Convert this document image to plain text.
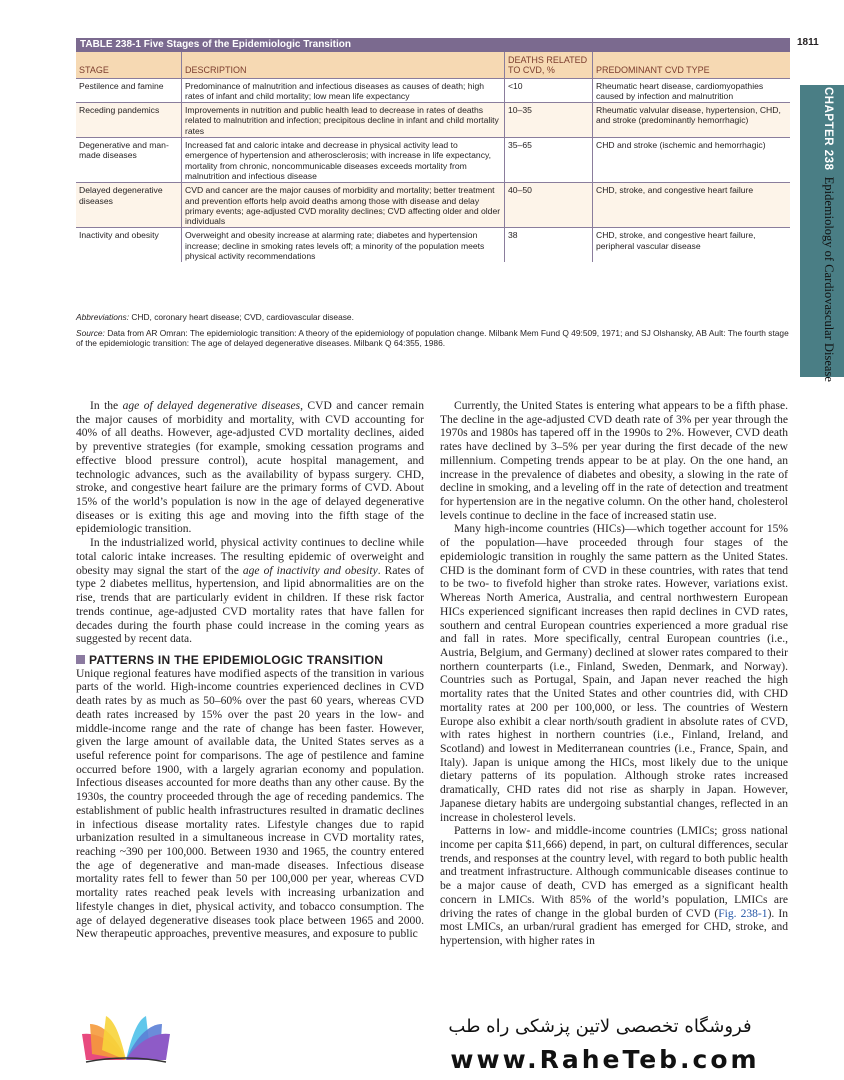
1811
CHAPTER 238  Epidemiology of Cardiovascular Disease
TABLE 238-1 Five Stages of the Epidemiologic Transition
STAGE	DESCRIPTION	DEATHS RELATED TO CVD, %	PREDOMINANT CVD TYPE
Pestilence and famine	Predominance of malnutrition and infectious diseases as causes of death; high rates of infant and child mortality; low mean life expectancy	<10	Rheumatic heart disease, cardiomyopathies caused by infection and malnutrition
Receding pandemics	Improvements in nutrition and public health lead to decrease in rates of deaths related to malnutrition and infection; precipitous decline in infant and child mortality rates	10–35	Rheumatic valvular disease, hypertension, CHD, and stroke (predominantly hemorrhagic)
Degenerative and man-made diseases	Increased fat and caloric intake and decrease in physical activity lead to emergence of hypertension and atherosclerosis; with increase in life expectancy, mortality from chronic, noncommunicable diseases exceeds mortality from malnutrition and infectious disease	35–65	CHD and stroke (ischemic and hemorrhagic)
Delayed degenerative diseases	CVD and cancer are the major causes of morbidity and mortality; better treatment and prevention efforts help avoid deaths among those with disease and delay primary events; age-adjusted CVD morality declines; CVD affecting older and older individuals	40–50	CHD, stroke, and congestive heart failure
Inactivity and obesity	Overweight and obesity increase at alarming rate; diabetes and hypertension increase; decline in smoking rates levels off; a minority of the population meets physical activity recommendations	38	CHD, stroke, and congestive heart failure, peripheral vascular disease

Abbreviations: CHD, coronary heart disease; CVD, cardiovascular disease.

Source: Data from AR Omran: The epidemiologic transition: A theory of the epidemiology of population change. Milbank Mem Fund Q 49:509, 1971; and SJ Olshansky, AB Ault: The fourth stage of the epidemiologic transition: The age of delayed degenerative diseases. Milbank Q 64:355, 1986.

In the age of delayed degenerative diseases, CVD and cancer remain the major causes of morbidity and mortality, with CVD accounting for 40% of all deaths. However, age-adjusted CVD mortality declines, aided by preventive strategies (for example, smoking cessation programs and effective blood pressure control), acute hospital management, and technologic advances, such as the availability of bypass surgery. CHD, stroke, and congestive heart failure are the primary forms of CVD. About 15% of the world’s population is now in the age of delayed degenerative diseases or is exiting this age and moving into the fifth stage of the epidemiologic transition.

In the industrialized world, physical activity continues to decline while total caloric intake increases. The resulting epidemic of overweight and obesity may signal the start of the age of inactivity and obesity. Rates of type 2 diabetes mellitus, hypertension, and lipid abnormalities are on the rise, trends that are particularly evident in children. If these risk factor trends continue, age-adjusted CVD mortality rates that have fallen for decades during the fourth phase could increase in the coming years as suggested by recent data.

PATTERNS IN THE EPIDEMIOLOGIC TRANSITION

Unique regional features have modified aspects of the transition in various parts of the world. High-income countries experienced declines in CVD death rates by as much as 50–60% over the past 60 years, whereas CVD death rates increased by 15% over the past 20 years in the low- and middle-income range and the rate of change has been faster. However, given the large amount of available data, the United States serves as a useful reference point for comparisons. The age of pestilence and famine occurred before 1900, with a largely agrarian economy and population. Infectious diseases accounted for more deaths than any other cause. By the 1930s, the country proceeded through the age of receding pandemics. The establishment of public health infrastructures resulted in dramatic declines in infectious disease mortality rates. Lifestyle changes due to rapid urbanization resulted in a simultaneous increase in CVD mortality rates, reaching ~390 per 100,000. Between 1930 and 1965, the country entered the age of degenerative and man-made diseases. Infectious disease mortality rates fell to fewer than 50 per 100,000 per year, whereas CVD mortality rates reached peak levels with increasing urbanization and lifestyle changes in diet, physical activity, and tobacco consumption. The age of delayed degenerative diseases took place between 1965 and 2000. New therapeutic approaches, preventive measures, and exposure to public

Currently, the United States is entering what appears to be a fifth phase. The decline in the age-adjusted CVD death rate of 3% per year through the 1970s and 1980s has tapered off in the 1990s to 2%. However, CVD death rates have declined by 3–5% per year during the first decade of the new millennium. Competing trends appear to be at play. On the one hand, an increase in the prevalence of diabetes and obesity, a slowing in the rate of decline in smoking, and a leveling off in the rate of detection and treatment for hypertension are in the negative column. On the other hand, cholesterol levels continue to decline in the face of increased statin use.

Many high-income countries (HICs)—which together account for 15% of the population—have proceeded through four stages of the epidemiologic transition in roughly the same pattern as the United States. CHD is the dominant form of CVD in these countries, with rates that tend to be two- to fivefold higher than stroke rates. However, variations exist. Whereas North America, Australia, and central northwestern European HICs experienced significant increases then rapid declines in CVD rates, southern and central European countries experienced a more gradual rise and fall in rates. More specifically, central European countries (i.e., Austria, Belgium, and Germany) declined at slower rates compared to their northern counterparts (i.e., Finland, Sweden, Denmark, and Norway). Countries such as Portugal, Spain, and Japan never reached the high mortality rates that the United States and other countries did, with CHD mortality rates at 200 per 100,000, or less. The countries of Western Europe also exhibit a clear north/south gradient in absolute rates of CVD, with rates highest in northern countries (i.e., Finland, Ireland, and Scotland) and lowest in Mediterranean countries (i.e., France, Spain, and Italy). Japan is unique among the HICs, most likely due to the unique dietary patterns of its population. Although stroke rates increased dramatically, CHD rates did not rise as sharply in Japan. However, Japanese dietary habits are undergoing substantial changes, reflected in an increase in cholesterol levels.

Patterns in low- and middle-income countries (LMICs; gross national income per capita $11,666) depend, in part, on cultural differences, secular trends, and responses at the country level, with regard to both public health and treatment infrastructure. Although communicable diseases continue to be a major cause of death, CVD has emerged as a significant health concern in LMICs. With 85% of the world’s population, LMICs are driving the rates of change in the global burden of CVD (Fig. 238-1). In most LMICs, an urban/rural gradient has emerged for CHD, stroke, and hypertension, with higher rates in

فروشگاه تخصصی لاتین پزشکی راه طب
www.RaheTeb.com
